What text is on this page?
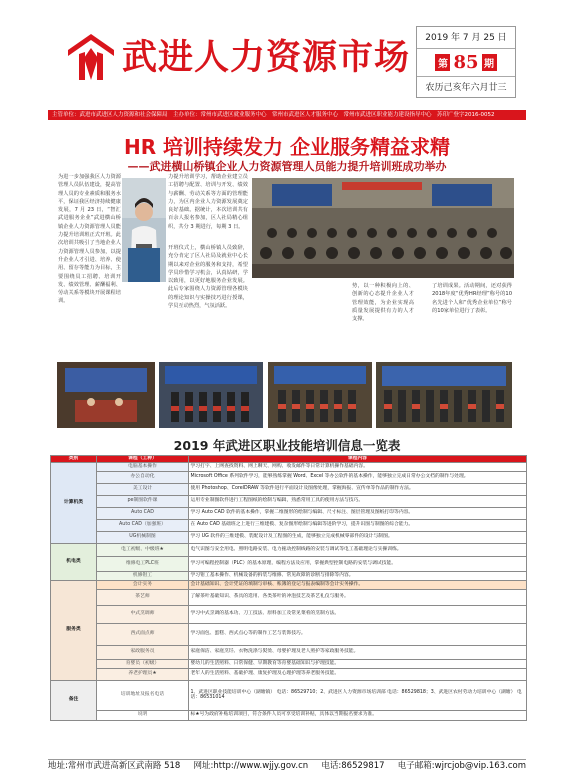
武进人力资源市场	2019 年 7 月 25 日
第 85 期
农历己亥年六月廿三
主管单位：武进市武进区人力资源和社会保障局　主办单位：常州市武进区就业服务中心　常州市武进区人才服务中心　常州市武进区职业能力建设指导中心　苏印广登字2016-0052
HR 培训持续发力 企业服务精益求精
——武进横山桥镇企业人力资源管理人员能力提升培训班成功举办
为进一步加强我区人力资源管理人员队伍建设，提高管理人员的专业素质和服务水平，保证我区经济持续健康发展，7 月 23 日，“智汇武进服务企业”武进横山桥镇企业人力资源管理人员能力提升培训班正式开班。此次培训共吸引了当地企业人力资源管理人员参加，以提升企业人才引进、培养、使用、留存等能力为目标，主要围绕员工招聘、培训开发、绩效管理、薪酬福利、劳动关系等模块开展课程培训。
力提升培训学习，帮助企业建立员工招聘与配置、培训与开发、绩效与薪酬、劳动关系等方面的管理能力，为区内企业人力资源发展奠定良好基础。据统计，本次培训共有百余人报名参加，区人社局精心组织，共分 3 期进行，每期 3 日。
开班仪式上，横山桥镇人员致辞，充分肯定了区人社局及就业中心长期以来对企业的服务和支持，希望学员珍惜学习机会，认真钻研，学以致用，以更好地服务企业发展。此后专家围绕人力资源管理各模块的理论知识与实操技巧进行授课，学员互动热烈，气氛活跃。
势，以一种积极向上的、创新的心态提升企业人才管理效能，为企业实现高质量发展提供有力的人才支撑。
了培训成果。活动期间，还对获得2018年度“优秀HR经理”称号的10名先进个人和“优秀企业单位”称号的10家单位进行了表彰。
2019 年武进区职业技能培训信息一览表
类别	课程（工种）	课程内容
计算机类	电脑基本操作	学习打字、上网查找资料、网上聊天、网购、收发邮件等日常计算机操作基础内容。
	办公自动化	Microsoft Office 系列软件学习，能够熟练掌握 Word、Excel 等办公软件的基本操作，能够独立完成日常办公文档的制作与处理。
	美工设计	使用 Photoshop、CorelDRAW 等软件进行平面设计及图像处理，掌握海报、宣传单等作品的制作方法。
	pe制图软件课	运用专业制图软件进行工程图纸的绘制与编辑，熟悉常用工具的使用方法与技巧。
	Auto CAD	学习 Auto CAD 软件的基本操作，掌握二维图形的绘制与编辑、尺寸标注、图层管理及图纸打印等内容。
	Auto CAD（加强班）	在 Auto CAD 基础班之上进行三维建模、复杂图形绘制与编辑等进阶学习，提升识图与制图的综合能力。
	UG机械制图	学习 UG 软件的三维建模、装配设计及工程图的生成，能够独立完成机械零部件的设计与制图。
机电类	电工初级、中级班★	电气识图与安全用电、照明电路安装、电力拖动控制线路的安装与调试等电工基础理论与实操训练。
	维修电工PLC班	学习可编程控制器（PLC）的基本原理、编程方法及应用，掌握典型控制电路的安装与调试技能。
	机修钳工	学习钳工基本操作、机械设备的拆装与维修、常见故障的诊断与排除等内容。
服务类	会计实务	会计基础知识、会计凭证的填制与审核、账簿的登记与报表编制等会计实务操作。
	茶艺师	了解茶叶基础知识、茶具的选用、各类茶叶的冲泡技艺及茶艺礼仪与服务。
	中式烹调师	学习中式烹调的基本功、刀工技法、原料加工及常见菜肴的烹制方法。
	西式面点师	学习面包、蛋糕、西式点心等的制作工艺与装饰技巧。
	家政服务员	家庭保洁、家庭烹饪、衣物洗涤与熨烫、母婴护理及老人照护等家政服务技能。
	育婴员（初级）	婴幼儿的生活照料、日常保健、早期教育等育婴基础知识与护理技能。
	养老护理员★	老年人的生活照料、基础护理、康复护理及心理护理等养老服务技能。
备注	培训地址及报名电话	1、武进区职业技能培训中心（湖塘镇） 电话：86529710；2、武进区人力资源市场培训部 电话：86529818；3、武进区农村劳动力培训中心（湖塘） 电话：86531014
	说明	标★号为政府补贴培训项目，符合条件人员可享受培训补贴，具体以当期报名要求为准。
地址:常州市武进高新区武南路 518 网址:http://www.wjjy.gov.cn 电话:86529817 电子邮箱:wjrcjob@vip.163.com
